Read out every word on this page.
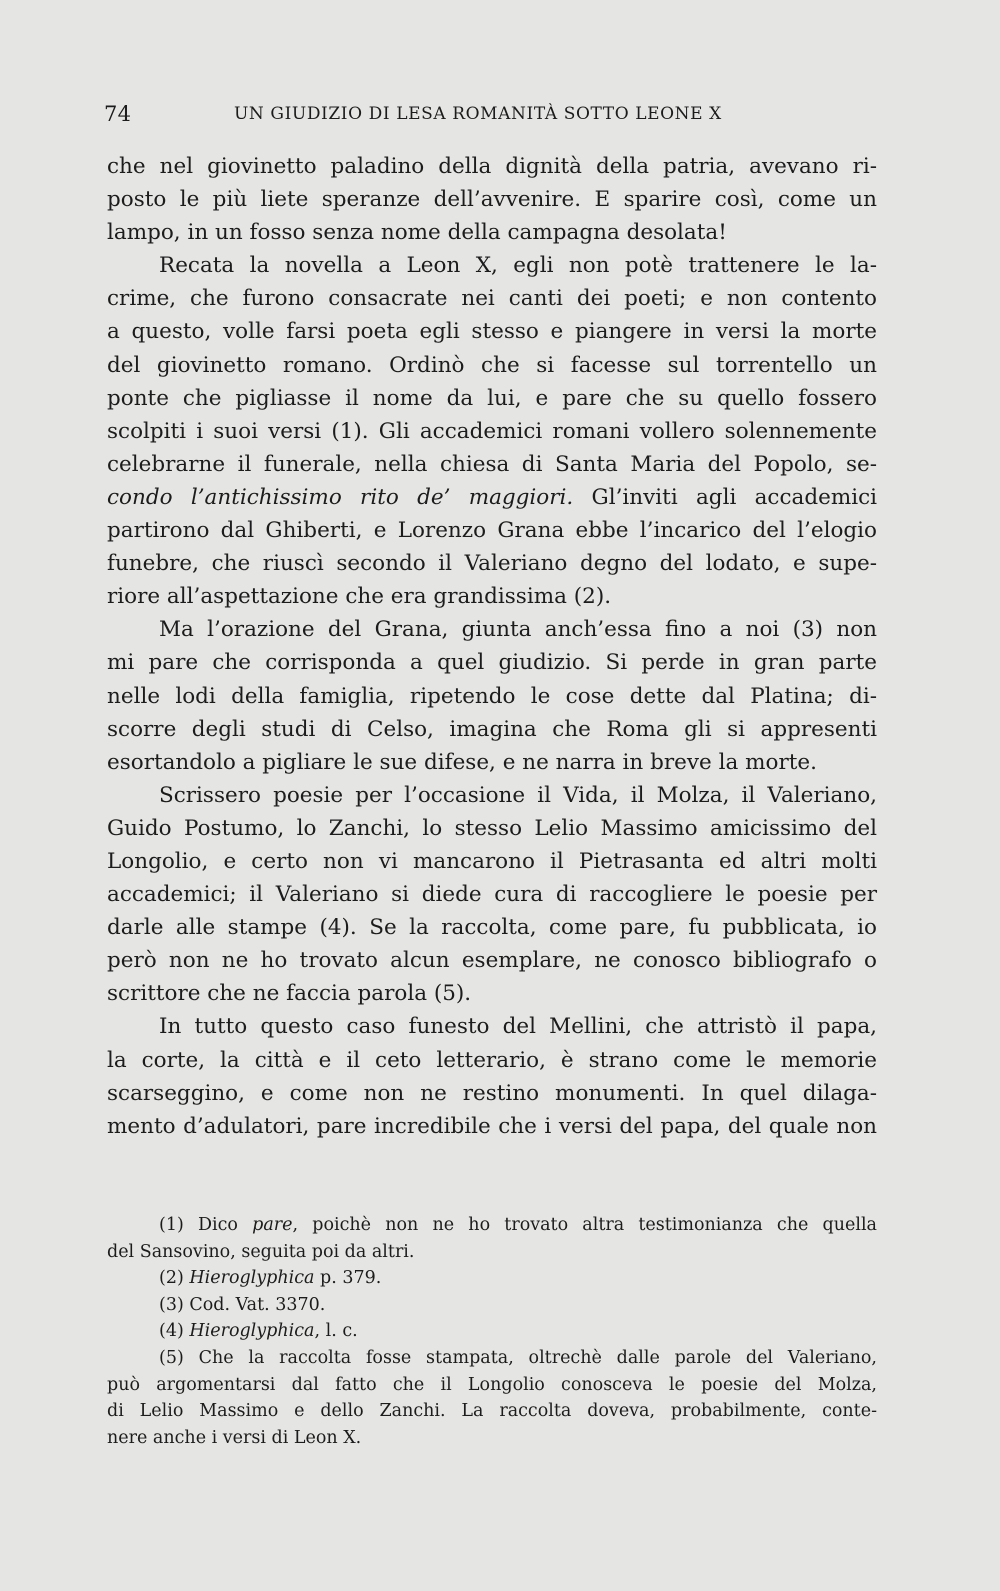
74	UN GIUDIZIO DI LESA ROMANITÀ SOTTO LEONE X
che nel giovinetto paladino della dignità della patria, avevano ri-
posto le più liete speranze dell’avvenire. E sparire così, come un
lampo, in un fosso senza nome della campagna desolata!
Recata la novella a Leon X, egli non potè trattenere le la-
crime, che furono consacrate nei canti dei poeti; e non contento
a questo, volle farsi poeta egli stesso e piangere in versi la morte
del giovinetto romano. Ordinò che si facesse sul torrentello un
ponte che pigliasse il nome da lui, e pare che su quello fossero
scolpiti i suoi versi (1). Gli accademici romani vollero solennemente
celebrarne il funerale, nella chiesa di Santa Maria del Popolo, se-
condo l’antichissimo rito de’ maggiori. Gl’inviti agli accademici
partirono dal Ghiberti, e Lorenzo Grana ebbe l’incarico del l’elogio
funebre, che riuscì secondo il Valeriano degno del lodato, e supe-
riore all’aspettazione che era grandissima (2).
Ma l’orazione del Grana, giunta anch’essa fino a noi (3) non
mi pare che corrisponda a quel giudizio. Si perde in gran parte
nelle lodi della famiglia, ripetendo le cose dette dal Platina; di-
scorre degli studi di Celso, imagina che Roma gli si appresenti
esortandolo a pigliare le sue difese, e ne narra in breve la morte.
Scrissero poesie per l’occasione il Vida, il Molza, il Valeriano,
Guido Postumo, lo Zanchi, lo stesso Lelio Massimo amicissimo del
Longolio, e certo non vi mancarono il Pietrasanta ed altri molti
accademici; il Valeriano si diede cura di raccogliere le poesie per
darle alle stampe (4). Se la raccolta, come pare, fu pubblicata, io
però non ne ho trovato alcun esemplare, ne conosco bibliografo o
scrittore che ne faccia parola (5).
In tutto questo caso funesto del Mellini, che attristò il papa,
la corte, la città e il ceto letterario, è strano come le memorie
scarseggino, e come non ne restino monumenti. In quel dilaga-
mento d’adulatori, pare incredibile che i versi del papa, del quale non
(1) Dico pare, poichè non ne ho trovato altra testimonianza che quella
del Sansovino, seguita poi da altri.
(2) Hieroglyphica p. 379.
(3) Cod. Vat. 3370.
(4) Hieroglyphica, l. c.
(5) Che la raccolta fosse stampata, oltrechè dalle parole del Valeriano,
può argomentarsi dal fatto che il Longolio conosceva le poesie del Molza,
di Lelio Massimo e dello Zanchi. La raccolta doveva, probabilmente, conte-
nere anche i versi di Leon X.
